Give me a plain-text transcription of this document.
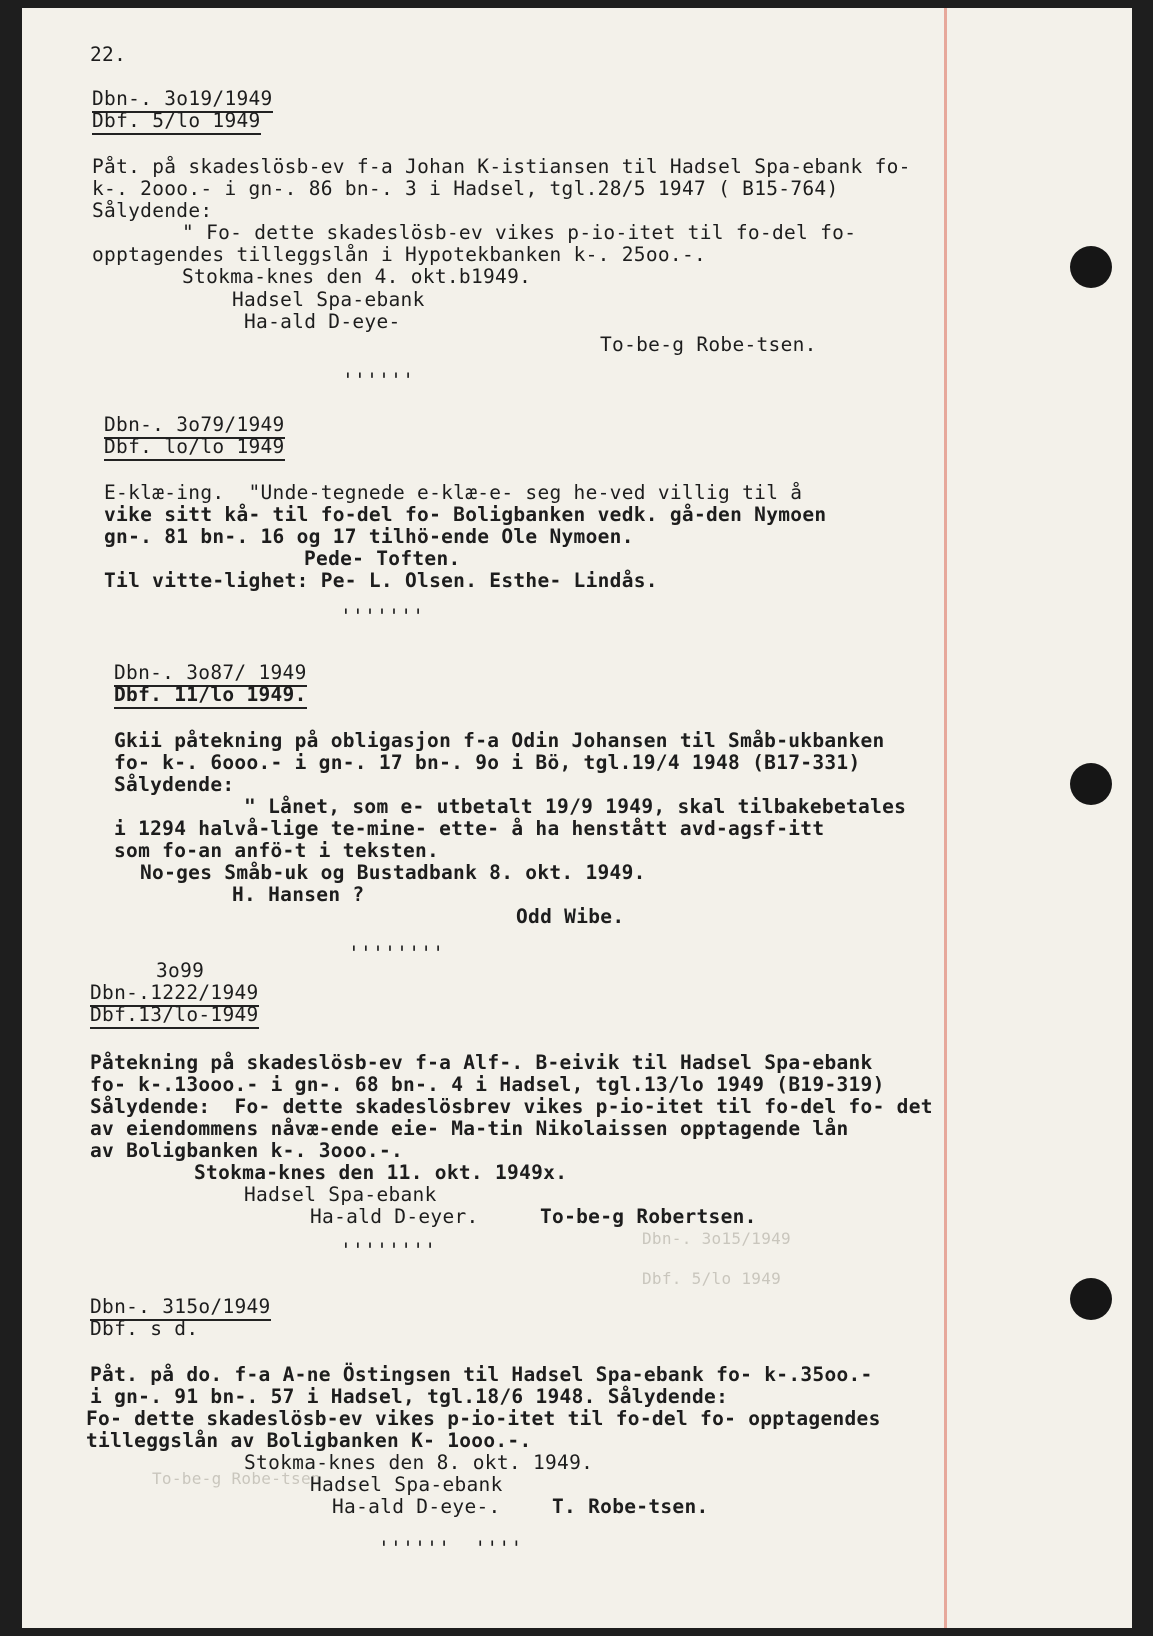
Dbn-. 3o15/1949
Dbf. 5/lo 1949
To-be-g Robe-tsen
22.
Dbn-. 3o19/1949
Dbf. 5/lo 1949
Påt. på skadeslösb-ev f-a Johan K-istiansen til Hadsel Spa-ebank fo-
k-. 2ooo.- i gn-. 86 bn-. 3 i Hadsel, tgl.28/5 1947 ( B15-764)
Sålydende:
" Fo- dette skadeslösb-ev vikes p-io-itet til fo-del fo-
opptagendes tilleggslån i Hypotekbanken k-. 25oo.-.
Stokma-knes den 4. okt.b1949.
Hadsel Spa-ebank
Ha-ald D-eye-
To-be-g Robe-tsen.
''''''
Dbn-. 3o79/1949
Dbf. lo/lo 1949
E-klæ-ing.  "Unde-tegnede e-klæ-e- seg he-ved villig til å
vike sitt kå- til fo-del fo- Boligbanken vedk. gå-den Nymoen
gn-. 81 bn-. 16 og 17 tilhö-ende Ole Nymoen.
Pede- Toften.
Til vitte-lighet: Pe- L. Olsen. Esthe- Lindås.
'''''''
Dbn-. 3o87/ 1949
Dbf. 11/lo 1949.
Gkii påtekning på obligasjon f-a Odin Johansen til Småb-ukbanken
fo- k-. 6ooo.- i gn-. 17 bn-. 9o i Bö, tgl.19/4 1948 (B17-331)
Sålydende:
" Lånet, som e- utbetalt 19/9 1949, skal tilbakebetales
i 1294 halvå-lige te-mine- ette- å ha henstått avd-agsf-itt
som fo-an anfö-t i teksten.
No-ges Småb-uk og Bustadbank 8. okt. 1949.
H. Hansen ?
Odd Wibe.
''''''''
3o99
Dbn-.1222/1949
Dbf.13/lo-1949
Påtekning på skadeslösb-ev f-a Alf-. B-eivik til Hadsel Spa-ebank
fo- k-.13ooo.- i gn-. 68 bn-. 4 i Hadsel, tgl.13/lo 1949 (B19-319)
Sålydende:  Fo- dette skadeslösbrev vikes p-io-itet til fo-del fo- det
av eiendommens nåvæ-ende eie- Ma-tin Nikolaissen opptagende lån
av Boligbanken k-. 3ooo.-.
Stokma-knes den 11. okt. 1949x.
Hadsel Spa-ebank
Ha-ald D-eyer.	To-be-g Robertsen.
''''''''
Dbn-. 315o/1949
Dbf. s d.
Påt. på do. f-a A-ne Östingsen til Hadsel Spa-ebank fo- k-.35oo.-
i gn-. 91 bn-. 57 i Hadsel, tgl.18/6 1948. Sålydende:
Fo- dette skadeslösb-ev vikes p-io-itet til fo-del fo- opptagendes
tilleggslån av Boligbanken K- 1ooo.-.
Stokma-knes den 8. okt. 1949.
Hadsel Spa-ebank
Ha-ald D-eye-.	T. Robe-tsen.
''''''  ''''
